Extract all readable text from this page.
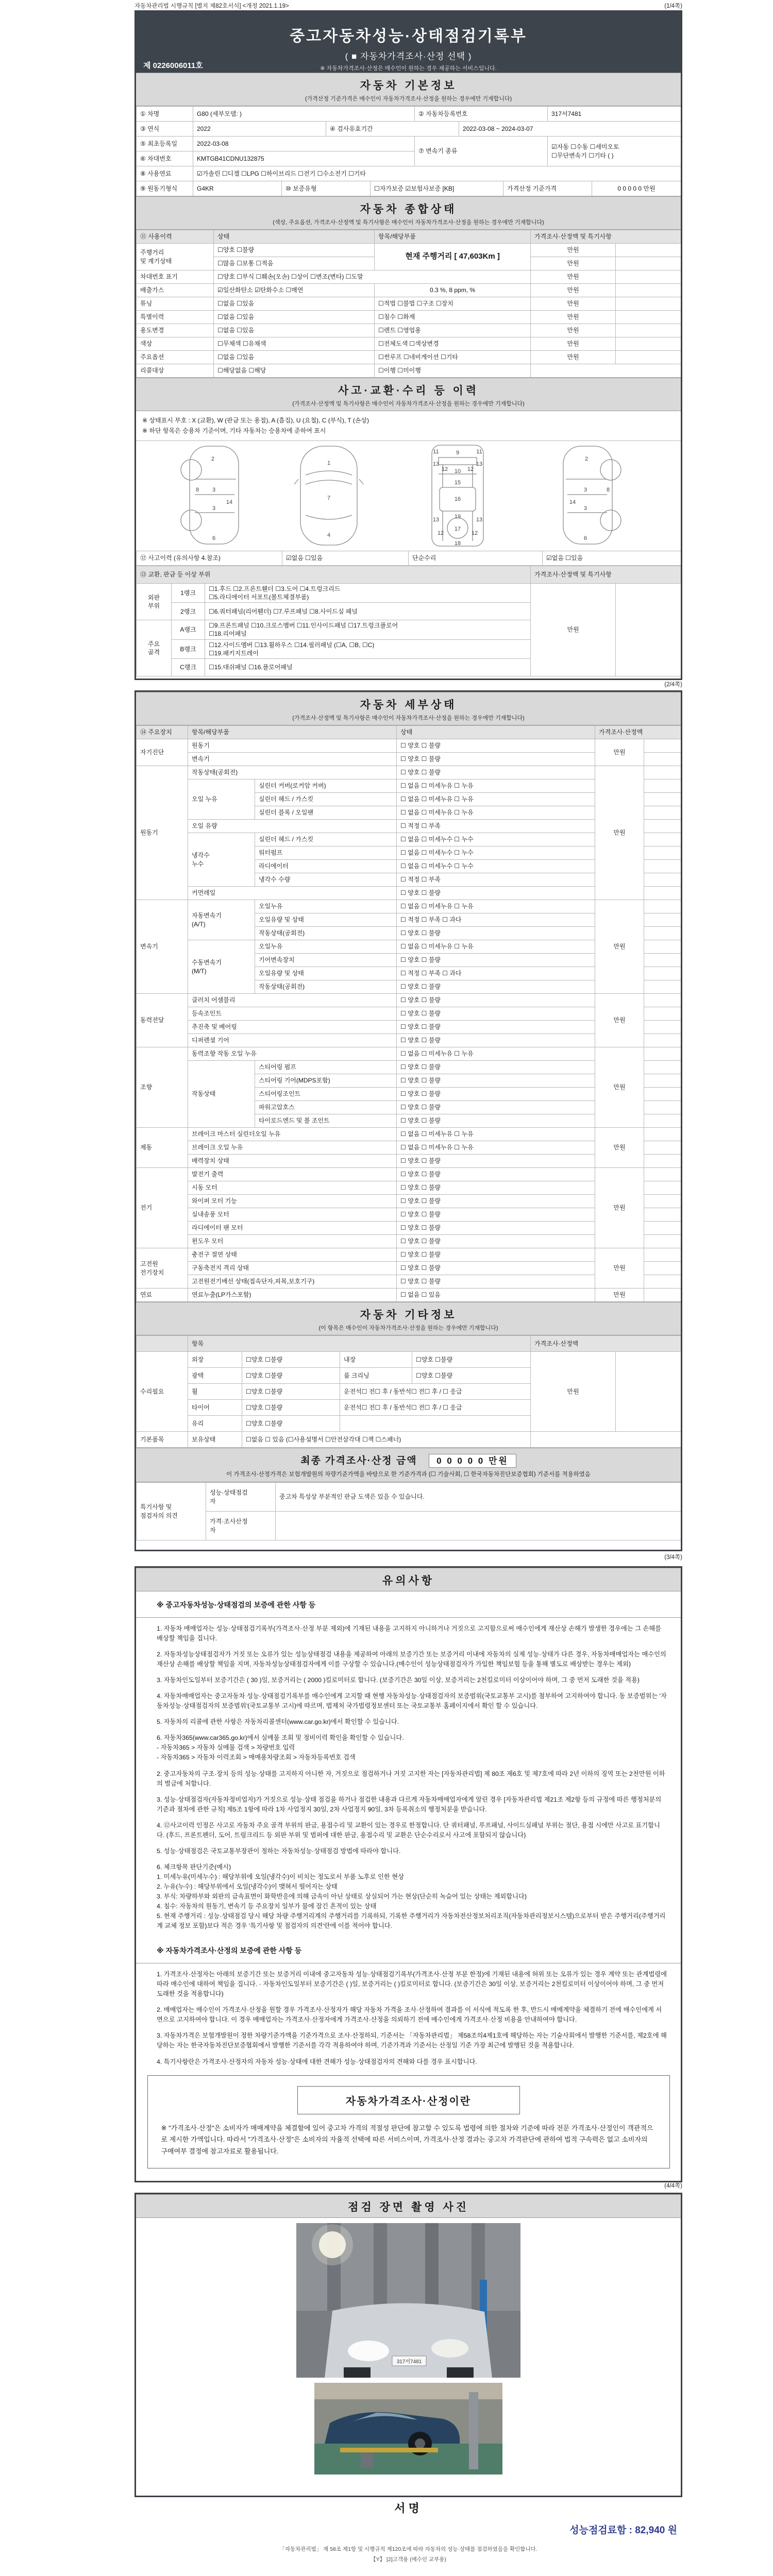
자동차관리법 시행규칙 [별지 제82호서식] <개정 2021.1.19>	(1/4쪽)
중고자동차성능·상태점검기록부
( ■ 자동차가격조사·산정 선택 )
※ 자동차가격조사·산정은 매수인이 원하는 경우 제공하는 서비스입니다.
제 0226006011호
자동차 기본정보
(가격산정 기준가격은 매수인이 자동차가격조사·산정을 원하는 경우에만 기재합니다)
① 차명	G80 (세부모델: )				② 자동차등록번호			317서7481	
③ 연식	2022		④ 검사유효기간			2022-03-08 ~ 2024-03-07			
⑤ 최초등록일	2022-03-08				⑦ 변속기 종류			☑자동 ☐수동 ☐세미오토
☐무단변속기 ☐기타 ( )	
⑥ 차대번호	KMTGB41CDNU132875								
⑧ 사용연료	☑가솔린 ☐디젤 ☐LPG ☐하이브리드 ☐전기 ☐수소전기 ☐기타								
⑨ 원동기형식	G4KR	⑩ 보증유형		☐자가보증 ☑보험사보증 [KB]			가격산정 기준가격		0 0 0 0 0 만원
자동차 종합상태
(색상, 주요옵션, 가격조사·산정액 및 특기사항은 매수인이 자동차가격조사·산정을 원하는 경우에만 기재합니다)
⑪ 사용이력	상태	항목/해당부품	가격조사·산정액 및 특기사항	
주행거리
및 계기상태	☐양호 ☐불량	현재 주행거리 [ 47,603Km ]	만원	
	☐많음 ☐보통 ☐적음		만원	
차대번호 표기	☐양호 ☐부식 ☐훼손(오손) ☐상이 ☐변조(변타) ☐도말		만원	
배출가스	☑일산화탄소 ☑탄화수소 ☐매연	0.3 %, 8 ppm, %	만원	
튜닝	☐없음 ☐있음	☐적법 ☐불법 ☐구조 ☐장치	만원	
특별이력	☐없음 ☐있음	☐침수 ☐화재	만원	
용도변경	☐없음 ☐있음	☐렌트 ☐영업용	만원	
색상	☐무채색 ☐유채색	☐전체도색 ☐색상변경	만원	
주요옵션	☐없음 ☐있음	☐썬루프 ☐네비게이션 ☐기타	만원	
리콜대상	☐해당없음 ☐해당	☐이행 ☐미이행		
사고·교환·수리 등 이력
(가격조사·산정액 및 특기사항은 매수인이 자동차가격조사·산정을 원하는 경우에만 기재합니다)
※ 상태표시 부호 : X (교환), W (판금 또는 용접), A (흠집), U (요철), C (부식), T (손상)
※ 하단 항목은 승용차 기준이며, 기타 자동차는 승용차에 준하여 표시
2
8 3
3
14
6
1
7
4
11	9	11
12	12
13	13
10
15
16
19
13	13
12	12
17
18
2
8
3
3
14
6
⑫ 사고이력 (유의사항 4.참조)	☑없음 ☐있음	단순수리	☑없음 ☐있음
⑬ 교환, 판금 등 이상 부위			가격조사·산정액 및 특기사항	
외판
부위	1랭크	☐1.후드 ☐2.프론트휀더 ☐3.도어 ☐4.트렁크리드
☐5.라디에이터 서포트(볼트체결부품)	만원	
	2랭크	☐6.쿼터패널(리어휀더) ☐7.루프패널 ☐8.사이드실 패널		
주요
골격	A랭크	☐9.프론트패널 ☐10.크로스멤버 ☐11.인사이드패널 ☐17.트렁크플로어
☐18.리어패널		
	B랭크	☐12.사이드멤버 ☐13.휠하우스 ☐14.필러패널 (☐A, ☐B, ☐C)
☐19.패키지트레이		
	C랭크	☐15.대쉬패널 ☐16.플로어패널		
(2/4쪽)
자동차 세부상태
(가격조사·산정액 및 특기사항은 매수인이 자동차가격조사·산정을 원하는 경우에만 기재합니다)
⑭ 주요장치	항목/해당부품		상태	가격조사·산정액	
자기진단	원동기		☐ 양호 ☐ 불량	만원	
	변속기		☐ 양호 ☐ 불량		
원동기	작동상태(공회전)		☐ 양호 ☐ 불량	만원	
	오일 누유	실린더 커버(로커암 커버)	☐ 없음 ☐ 미세누유 ☐ 누유		
		실린더 헤드 / 가스킷	☐ 없음 ☐ 미세누유 ☐ 누유		
		실린더 블록 / 오일팬	☐ 없음 ☐ 미세누유 ☐ 누유		
	오일 유량		☐ 적정 ☐ 부족		
	냉각수
누수	실린더 헤드 / 가스킷	☐ 없음 ☐ 미세누수 ☐ 누수		
		워터펌프	☐ 없음 ☐ 미세누수 ☐ 누수		
		라디에이터	☐ 없음 ☐ 미세누수 ☐ 누수		
		냉각수 수량	☐ 적정 ☐ 부족		
	커먼레일		☐ 양호 ☐ 불량		
변속기	자동변속기
(A/T)	오일누유	☐ 없음 ☐ 미세누유 ☐ 누유	만원	
		오일유량 및 상태	☐ 적정 ☐ 부족 ☐ 과다		
		작동상태(공회전)	☐ 양호 ☐ 불량		
	수동변속기
(M/T)	오일누유	☐ 없음 ☐ 미세누유 ☐ 누유		
		기어변속장치	☐ 양호 ☐ 불량		
		오일유량 및 상태	☐ 적정 ☐ 부족 ☐ 과다		
		작동상태(공회전)	☐ 양호 ☐ 불량		
동력전달	클러치 어셈블리		☐ 양호 ☐ 불량	만원	
	등속조인트		☐ 양호 ☐ 불량		
	추진축 및 베어링		☐ 양호 ☐ 불량		
	디퍼렌셜 기어		☐ 양호 ☐ 불량		
조향	동력조향 작동 오일 누유		☐ 없음 ☐ 미세누유 ☐ 누유	만원	
	작동상태	스티어링 펌프	☐ 양호 ☐ 불량		
		스티어링 기어(MDPS포함)	☐ 양호 ☐ 불량		
		스티어링조인트	☐ 양호 ☐ 불량		
		파워고압호스	☐ 양호 ☐ 불량		
		타이로드엔드 및 볼 조인트	☐ 양호 ☐ 불량		
제동	브레이크 마스터 실린더오일 누유		☐ 없음 ☐ 미세누유 ☐ 누유	만원	
	브레이크 오일 누유		☐ 없음 ☐ 미세누유 ☐ 누유		
	배력장치 상태		☐ 양호 ☐ 불량		
전기	발전기 출력		☐ 양호 ☐ 불량	만원	
	시동 모터		☐ 양호 ☐ 불량		
	와이퍼 모터 기능		☐ 양호 ☐ 불량		
	실내송풍 모터		☐ 양호 ☐ 불량		
	라디에이터 팬 모터		☐ 양호 ☐ 불량		
	윈도우 모터		☐ 양호 ☐ 불량		
고전원
전기장치	충전구 절연 상태		☐ 양호 ☐ 불량	만원	
	구동축전지 격리 상태		☐ 양호 ☐ 불량		
	고전원전기배선 상태(접속단자,피복,보호기구)		☐ 양호 ☐ 불량		
연료	연료누출(LP가스포함)		☐ 없음 ☐ 있음	만원	
자동차 기타정보
(이 항목은 매수인이 자동차가격조사·산정을 원하는 경우에만 기재합니다)
	항목				가격조사·산정액	
수리필요	외장	☐양호 ☐불량	내장	☐양호 ☐불량	만원	
	광택	☐양호 ☐불량	룸 크리닝	☐양호 ☐불량		
	휠	☐양호 ☐불량	운전석☐ 전☐ 후 / 동반석☐ 전☐ 후 / ☐ 응급			
	타이어	☐양호 ☐불량	운전석☐ 전☐ 후 / 동반석☐ 전☐ 후 / ☐ 응급			
	유리	☐양호 ☐불량				
기본품목	보유상태	☐없음 ☐ 있음 (☐사용설명서 ☐안전삼각대 ☐잭 ☐스패너)				
최종 가격조사·산정 금액 0 0 0 0 0 만원
이 가격조사·산정가격은 보험개발원의 차량기준가액을 바탕으로 한 기준가격과 (☐ 기술사회, ☐ 한국자동차진단보증협회) 기준서를 적용하였음
특기사항 및
점검자의 의견	성능·상태점검
자	중고차 특성상 부분적인 판금 도색은 있을 수 있습니다.
	가격·조사산정
자	
(3/4쪽)
유의사항
※ 중고자동차성능·상태점검의 보증에 관한 사항 등

1. 자동차 매매업자는 성능·상태점검기록부(가격조사·산정 부분 제외)에 기재된 내용을 고지하지 아니하거나 거짓으로 고지함으로써 매수인에게 재산상 손해가 발생한 경우에는 그 손해를 배상할 책임을 집니다.

2. 자동차성능상태점검자가 거짓 또는 오류가 있는 성능상태점검 내용을 제공하여 아래의 보증기간 또는 보증거리 이내에 자동차의 실제 성능·상태가 다른 경우, 자동차매매업자는 매수인의 재산상 손해를 배상할 책임을 지며, 자동차성능상태점검자에게 이를 구상할 수 있습니다.(매수인이 성능상태점검자가 가입한 책임보험 등을 통해 별도로 배상받는 경우는 제외)

3. 자동차인도일부터 보증기간은 ( 30 )일, 보증거리는 ( 2000 )킬로미터로 합니다. (보증기간은 30일 이상, 보증거리는 2천킬로미터 이상이어야 하며, 그 중 먼저 도래한 것을 적용)

4. 자동차매매업자는 중고자동차 성능·상태점검기록부를 매수인에게 고지할 때 현행 자동차성능·상태점검자의 보증범위(국토교통부 고시)를 첨부하여 고지하여야 합니다. 동 보증범위는 '자동차성능·상태점검자의 보증범위'(국토교통부 고시)에 따르며, 법제처 국가법령정보센터 또는 국토교통부 홈페이지에서 확인 할 수 있습니다.

5. 자동차의 리콜에 관한 사항은 자동차리콜센터(www.car.go.kr)에서 확인할 수 있습니다.

6. 자동차365(www.car365.go.kr)에서 실매물 조회 및 정비이력 확인을 확인할 수 있습니다.
- 자동차365 > 자동차 실매물 검색 > 차량번호 입력
- 자동차365 > 자동차 이력조회 > 매매용차량조회 > 자동차등록번호 검색

2. 중고자동차의 구조·장치 등의 성능·상태를 고지하지 아니한 자, 거짓으로 점검하거나 거짓 고지한 자는 [자동차관리법] 제 80조 제6호 및 제7호에 따라 2년 이하의 징역 또는 2천만원 이하의 벌금에 처합니다.

3. 성능·상태점검자(자동차정비업자)가 거짓으로 성능·상태 점검을 하거나 점검한 내용과 다르게 자동차매매업자에게 알린 경우 [자동차관리법 제21조 제2항 등의 규정에 따른 행정처분의 기준과 절차에 관한 규칙] 제5조 1항에 따라 1차 사업정지 30일, 2차 사업정지 90일, 3차 등록취소의 행정처분을 받습니다.

4. ⑫사고이력 인정은 사고로 자동차 주요 골격 부위의 판금, 용접수리 및 교환이 있는 경우로 한정합니다. 단 쿼터패널, 루프패널, 사이드실패널 부위는 절단, 용접 시에만 사고로 표기합니다. (후드, 프론트펜더, 도어, 트렁크리드 등 외판 부위 및 범퍼에 대한 판금, 용접수리 및 교환은 단순수리로서 사고에 포함되지 않습니다)

5. 성능·상태점검은 국토교통부장관이 정하는 자동차성능·상태점검 방법에 따라야 합니다.

6. 체크항목 판단기준(예시)
1. 미세누유(미세누수) : 해당부위에 오일(냉각수)이 비치는 정도로서 부품 노후로 인한 현상
2. 누유(누수) : 해당부위에서 오일(냉각수)이 맺혀서 떨어지는 상태
3. 부식: 차량하부와 외판의 금속표면이 화학반응에 의해 금속이 아닌 상태로 상실되어 가는 현상(단순히 녹슬어 있는 상태는 제외합니다)
4. 침수: 자동차의 원동기, 변속기 등 주요장치 일부가 물에 잠긴 흔적이 있는 상태
5. 현재 주행거리 : 성능·상태점검 당시 해당 차량 주행거리계의 주행거리를 기록하되, 기록한 주행거리가 자동차전산정보처리조직(자동차관리정보시스템)으로부터 받은 주행거리(주행거리계 교체 정보 포함)보다 적은 경우 '특기사항 및 점검자의 의견'란에 이를 적어야 합니다.

※ 자동차가격조사·산정의 보증에 관한 사항 등

1. 가격조사·산정자는 아래의 보증기간 또는 보증거리 이내에 중고자동차 성능·상태점검기록부(가격조사·산정 부분 한정)에 기재된 내용에 허위 또는 오류가 있는 경우 계약 또는 관계법령에 따라 매수인에 대하여 책임을 집니다. · 자동차인도일부터 보증기간은 ( )일, 보증거리는 ( )킬로미터로 합니다. (보증기간은 30일 이상, 보증거리는 2천킬로미터 이상이어야 하며, 그 중 먼저 도래한 것을 적용합니다)

2. 매매업자는 매수인이 가격조사·산정을 원할 경우 가격조사·산정자가 해당 자동차 가격을 조사·산정하여 결과를 이 서식에 적도록 한 후, 반드시 매매계약을 체결하기 전에 매수인에게 서면으로 고지하여야 합니다. 이 경우 매매업자는 가격조사·산정자에게 가격조사·산정을 의뢰하기 전에 매수인에게 가격조사·산정 비용을 안내하여야 합니다.

3. 자동차가격은 보험개발원이 정한 차량기준가액을 기준가격으로 조사·산정하되, 기준서는 「자동차관리법」 제58조의4제1호에 해당하는 자는 기술사회에서 발행한 기준서를, 제2호에 해당하는 자는 한국자동차진단보증협회에서 발행한 기준서를 각각 적용하여야 하며, 기준가격과 기준서는 산정일 기준 가장 최근에 발행된 것을 적용합니다.

4. 특기사항란은 가격조사·산정자의 자동차 성능·상태에 대한 견해가 성능·상태점검자의 견해와 다를 경우 표시합니다.

자동차가격조사·산정이란
※ "가격조사·산정"은 소비자가 매매계약을 체결함에 있어 중고차 가격의 적절성 판단에 참고할 수 있도록 법령에 의한 절차와 기준에 따라 전문 가격조사·산정인이 객관적으로 제시한 가액입니다. 따라서 "가격조사·산정"은 소비자의 자율적 선택에 따른 서비스이며, 가격조사·산정 결과는 중고차 가격판단에 관하여 법적 구속력은 없고 소비자의 구매여부 결정에 참고자료로 활용됩니다.
(4/4쪽)
점검 장면 촬영 사진
317서7481
서명
성능점검료함 : 82,940 원
「자동차관리법」 제 58조 제1항 및 시행규칙 제120조에 따라 자동차의 성능·상태를 점검하였음을 확인합니다.
【Y】 [2]고객용 (매수인 교부용)
